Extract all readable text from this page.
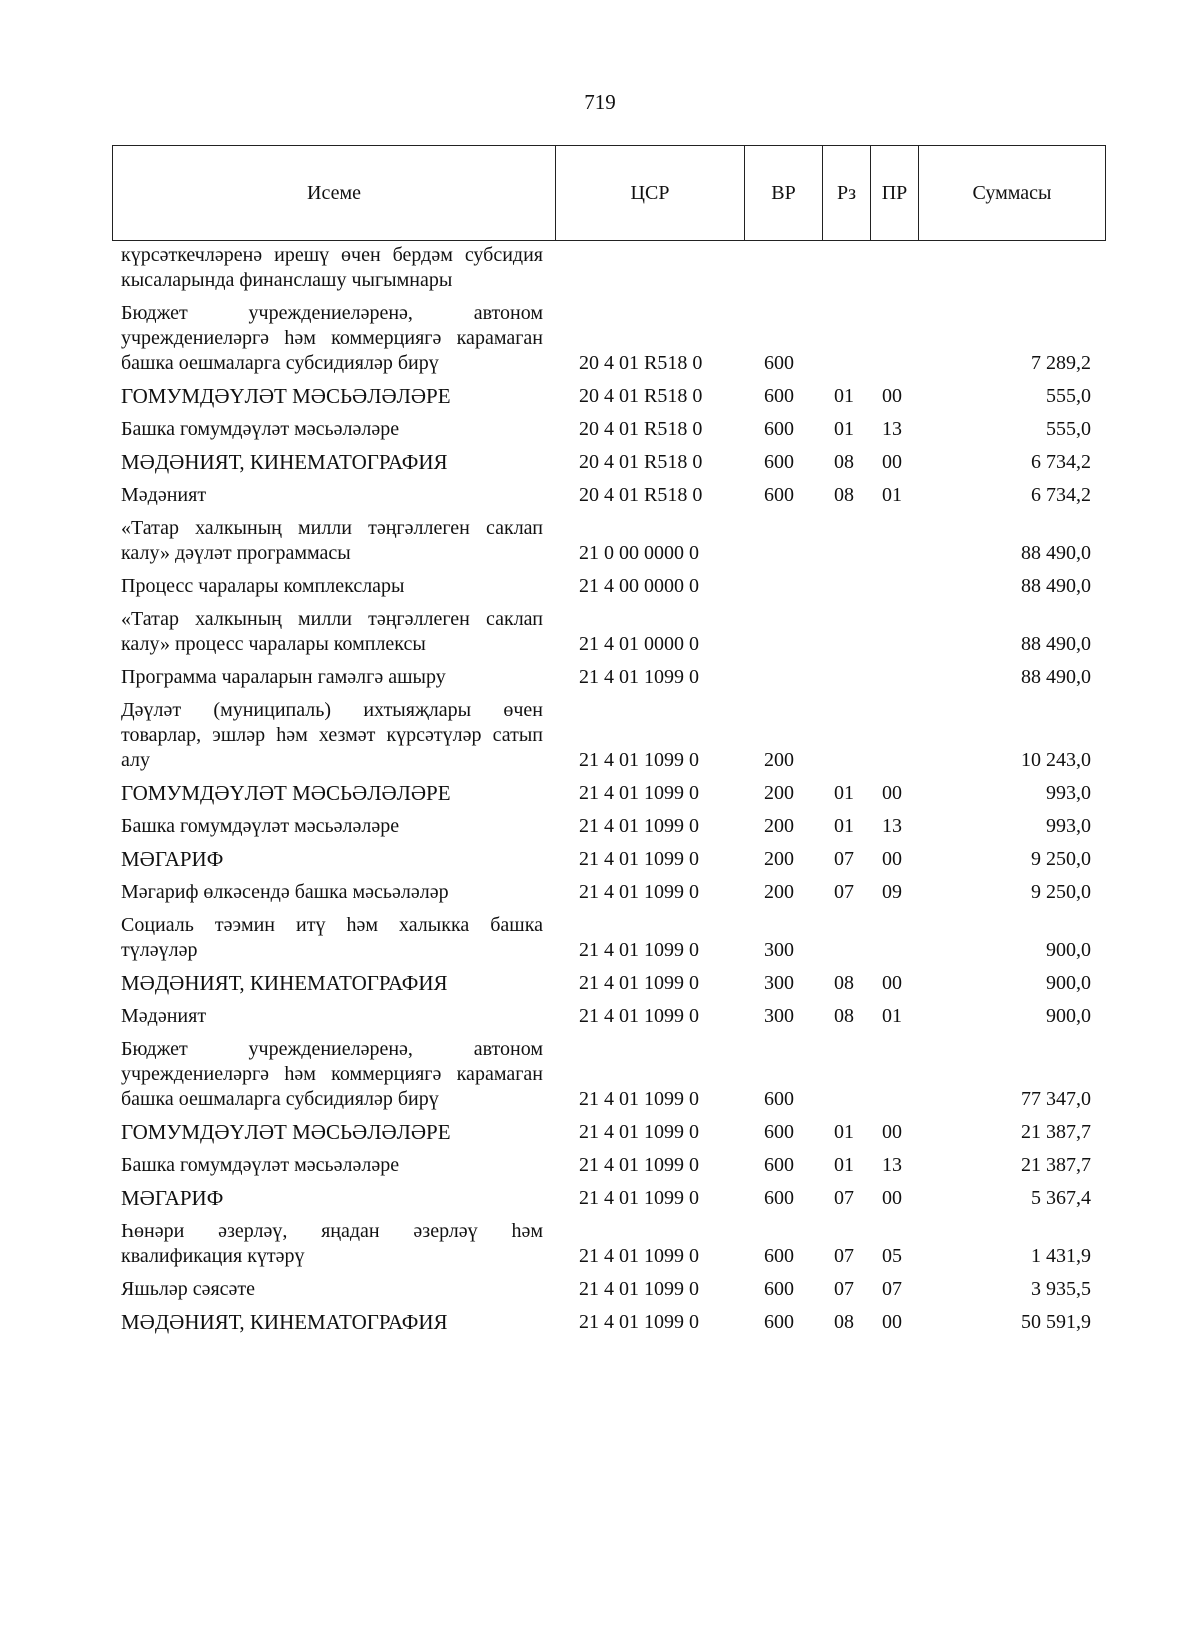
719
Исеме	ЦСР	ВР	Рз	ПР	Суммасы
күрсәткечләренә ирешү өчен бердәм субсидия кысаларында финанслашу чыгымнары					
Бюджет учреждениеләренә, автоном учреждениеләргә һәм коммерциягә карамаган башка оешмаларга субсидияләр бирү	20 4 01 R518 0	600			7 289,2
ГОМУМДӘҮЛӘТ МӘСЬӘЛӘЛӘРЕ	20 4 01 R518 0	600	01	00	555,0
Башка гомумдәүләт мәсьәләләре	20 4 01 R518 0	600	01	13	555,0
МӘДӘНИЯТ, КИНЕМАТОГРАФИЯ	20 4 01 R518 0	600	08	00	6 734,2
Мәдәният	20 4 01 R518 0	600	08	01	6 734,2
«Татар халкының милли тәңгәллеген саклап калу» дәүләт программасы	21 0 00 0000 0				88 490,0
Процесс чаралары комплекслары	21 4 00 0000 0				88 490,0
«Татар халкының милли тәңгәллеген саклап калу» процесс чаралары комплексы	21 4 01 0000 0				88 490,0
Программа чараларын гамәлгә ашыру	21 4 01 1099 0				88 490,0
Дәүләт (муниципаль) ихтыяҗлары өчен товарлар, эшләр һәм хезмәт күрсәтүләр сатып алу	21 4 01 1099 0	200			10 243,0
ГОМУМДӘҮЛӘТ МӘСЬӘЛӘЛӘРЕ	21 4 01 1099 0	200	01	00	993,0
Башка гомумдәүләт мәсьәләләре	21 4 01 1099 0	200	01	13	993,0
МӘГАРИФ	21 4 01 1099 0	200	07	00	9 250,0
Мәгариф өлкәсендә башка мәсьәләләр	21 4 01 1099 0	200	07	09	9 250,0
Социаль тәэмин итү һәм халыкка башка түләүләр	21 4 01 1099 0	300			900,0
МӘДӘНИЯТ, КИНЕМАТОГРАФИЯ	21 4 01 1099 0	300	08	00	900,0
Мәдәният	21 4 01 1099 0	300	08	01	900,0
Бюджет учреждениеләренә, автоном учреждениеләргә һәм коммерциягә карамаган башка оешмаларга субсидияләр бирү	21 4 01 1099 0	600			77 347,0
ГОМУМДӘҮЛӘТ МӘСЬӘЛӘЛӘРЕ	21 4 01 1099 0	600	01	00	21 387,7
Башка гомумдәүләт мәсьәләләре	21 4 01 1099 0	600	01	13	21 387,7
МӘГАРИФ	21 4 01 1099 0	600	07	00	5 367,4
Һөнәри әзерләү, яңадан әзерләү һәм квалификация күтәрү	21 4 01 1099 0	600	07	05	1 431,9
Яшьләр сәясәте	21 4 01 1099 0	600	07	07	3 935,5
МӘДӘНИЯТ, КИНЕМАТОГРАФИЯ	21 4 01 1099 0	600	08	00	50 591,9
